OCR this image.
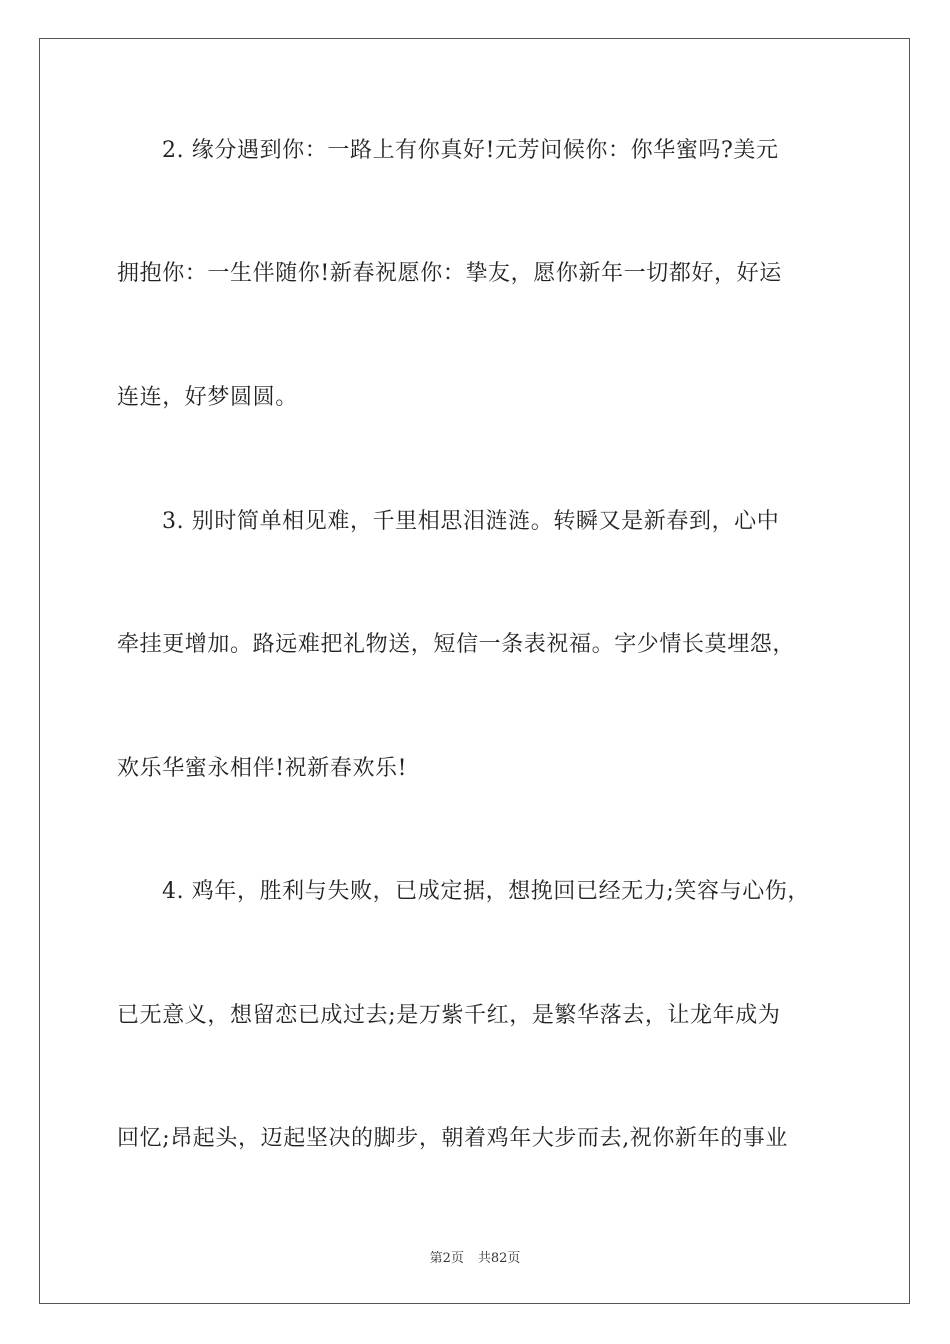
2. 缘分遇到你：一路上有你真好!元芳问候你：你华蜜吗?美元
拥抱你：一生伴随你!新春祝愿你：挚友，愿你新年一切都好，好运
连连，好梦圆圆。
3. 别时简单相见难，千里相思泪涟涟。转瞬又是新春到，心中
牵挂更增加。路远难把礼物送，短信一条表祝福。字少情长莫埋怨，
欢乐华蜜永相伴!祝新春欢乐!
4. 鸡年，胜利与失败，已成定据，想挽回已经无力;笑容与心伤，
已无意义，想留恋已成过去;是万紫千红，是繁华落去，让龙年成为
回忆;昂起头，迈起坚决的脚步，朝着鸡年大步而去,祝你新年的事业
第2页 共82页
